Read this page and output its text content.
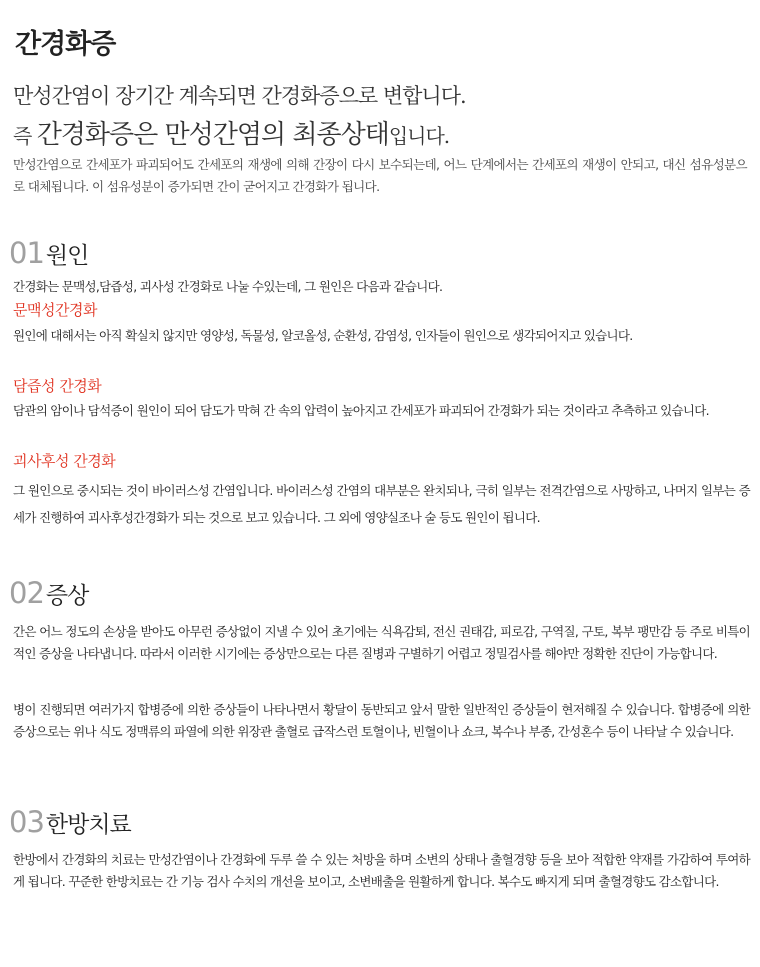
간경화증
만성간염이 장기간 계속되면 간경화증으로 변합니다.
즉 간경화증은 만성간염의 최종상태입니다.
만성간염으로 간세포가 파괴되어도 간세포의 재생에 의해 간장이 다시 보수되는데, 어느 단계에서는 간세포의 재생이 안되고, 대신 섬유성분으로 대체됩니다. 이 섬유성분이 증가되면 간이 굳어지고 간경화가 됩니다.
01원인
간경화는 문맥성,담즙성, 괴사성 간경화로 나눌 수있는데, 그 원인은 다음과 같습니다.
문맥성간경화
원인에 대해서는 아직 확실치 않지만 영양성, 독물성, 알코올성, 순환성, 감염성, 인자들이 원인으로 생각되어지고 있습니다.
담즙성 간경화
담관의 암이나 담석증이 원인이 되어 담도가 막혀 간 속의 압력이 높아지고 간세포가 파괴되어 간경화가 되는 것이라고 추측하고 있습니다.
괴사후성 간경화
그 원인으로 중시되는 것이 바이러스성 간염입니다. 바이러스성 간염의 대부분은 완치되나, 극히 일부는 전격간염으로 사망하고, 나머지 일부는 증세가 진행하여 괴사후성간경화가 되는 것으로 보고 있습니다. 그 외에 영양실조나 술 등도 원인이 됩니다.
02증상
간은 어느 정도의 손상을 받아도 아무런 증상없이 지낼 수 있어 초기에는 식욕감퇴, 전신 권태감, 피로감, 구역질, 구토, 복부 팽만감 등 주로 비특이적인 증상을 나타냅니다. 따라서 이러한 시기에는 증상만으로는 다른 질병과 구별하기 어렵고 정밀검사를 해야만 정확한 진단이 가능합니다.
병이 진행되면 여러가지 합병증에 의한 증상들이 나타나면서 황달이 동반되고 앞서 말한 일반적인 증상들이 현저해질 수 있습니다. 합병증에 의한 증상으로는 위나 식도 정맥류의 파열에 의한 위장관 출혈로 급작스런 토혈이나, 빈혈이나 쇼크, 복수나 부종, 간성혼수 등이 나타날 수 있습니다.
03한방치료
한방에서 간경화의 치료는 만성간염이나 간경화에 두루 쓸 수 있는 처방을 하며 소변의 상태나 출혈경향 등을 보아 적합한 약재를 가감하여 투여하게 됩니다. 꾸준한 한방치료는 간 기능 검사 수치의 개선을 보이고, 소변배출을 원활하게 합니다. 복수도 빠지게 되며 출혈경향도 감소합니다.
